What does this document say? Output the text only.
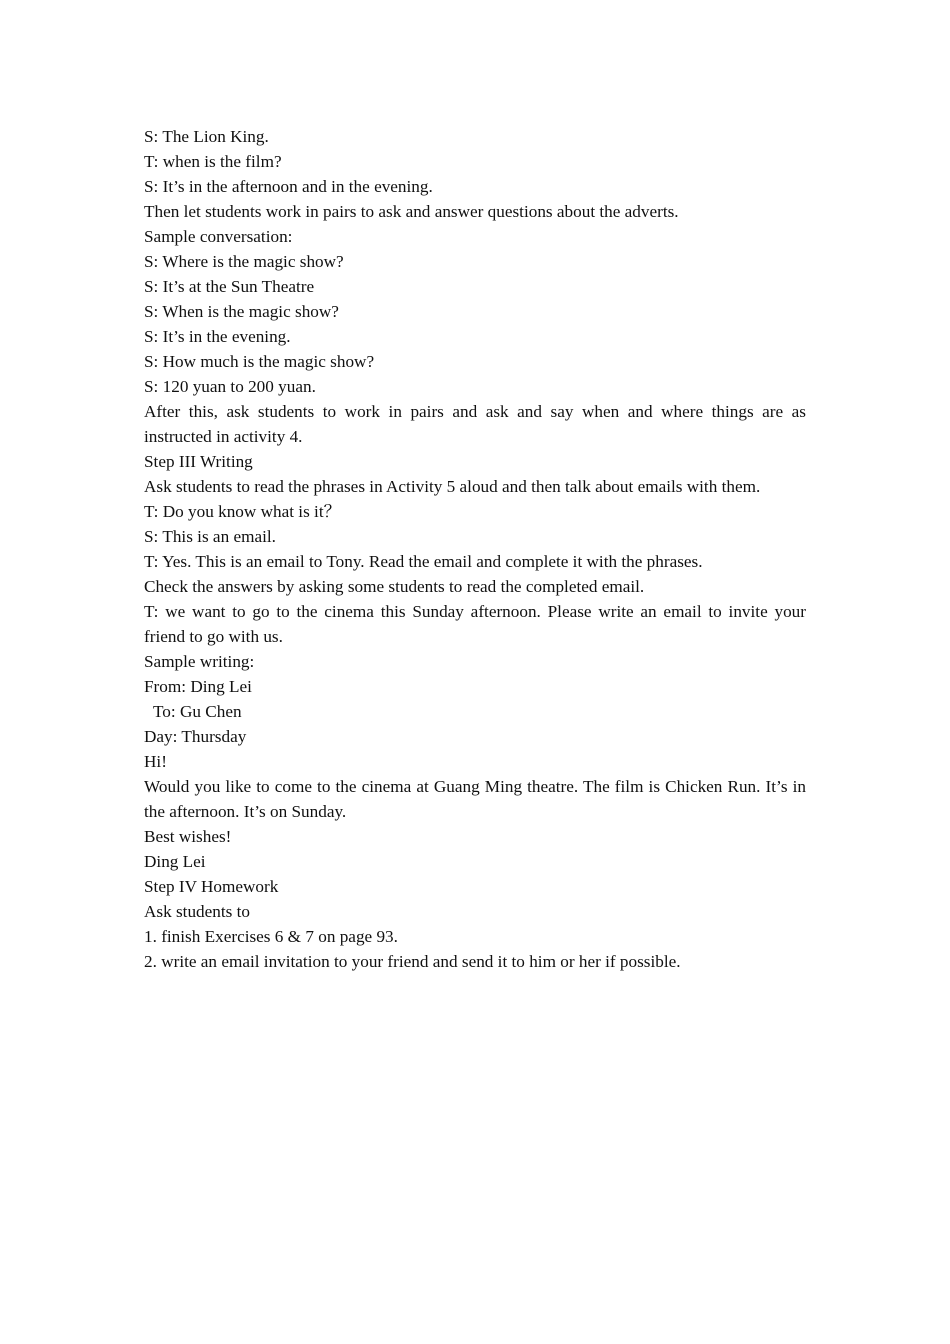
S: The Lion King.

T: when is the film?

S: It’s in the afternoon and in the evening.

Then let students work in pairs to ask and answer questions about the adverts.

Sample conversation:

S: Where is the magic show?

S: It’s at the Sun Theatre

S: When is the magic show?

S: It’s in the evening.

S: How much is the magic show?

S: 120 yuan to 200 yuan.

After this, ask students to work in pairs and ask and say when and where things are as instructed in activity 4.

Step III Writing

Ask students to read the phrases in Activity 5 aloud and then talk about emails with them.

T: Do you know what is it？

S: This is an email.

T: Yes. This is an email to Tony. Read the email and complete it with the phrases.

Check the answers by asking some students to read the completed email.

T: we want to go to the cinema this Sunday afternoon. Please write an email to invite your friend to go with us.

Sample writing:

From: Ding Lei

To: Gu Chen

Day: Thursday

Hi!

Would you like to come to the cinema at Guang Ming theatre. The film is Chicken Run. It’s in the afternoon. It’s on Sunday.

Best wishes!

Ding Lei

Step IV Homework

Ask students to

1. finish Exercises 6 & 7 on page 93.

2. write an email invitation to your friend and send it to him or her if possible.
